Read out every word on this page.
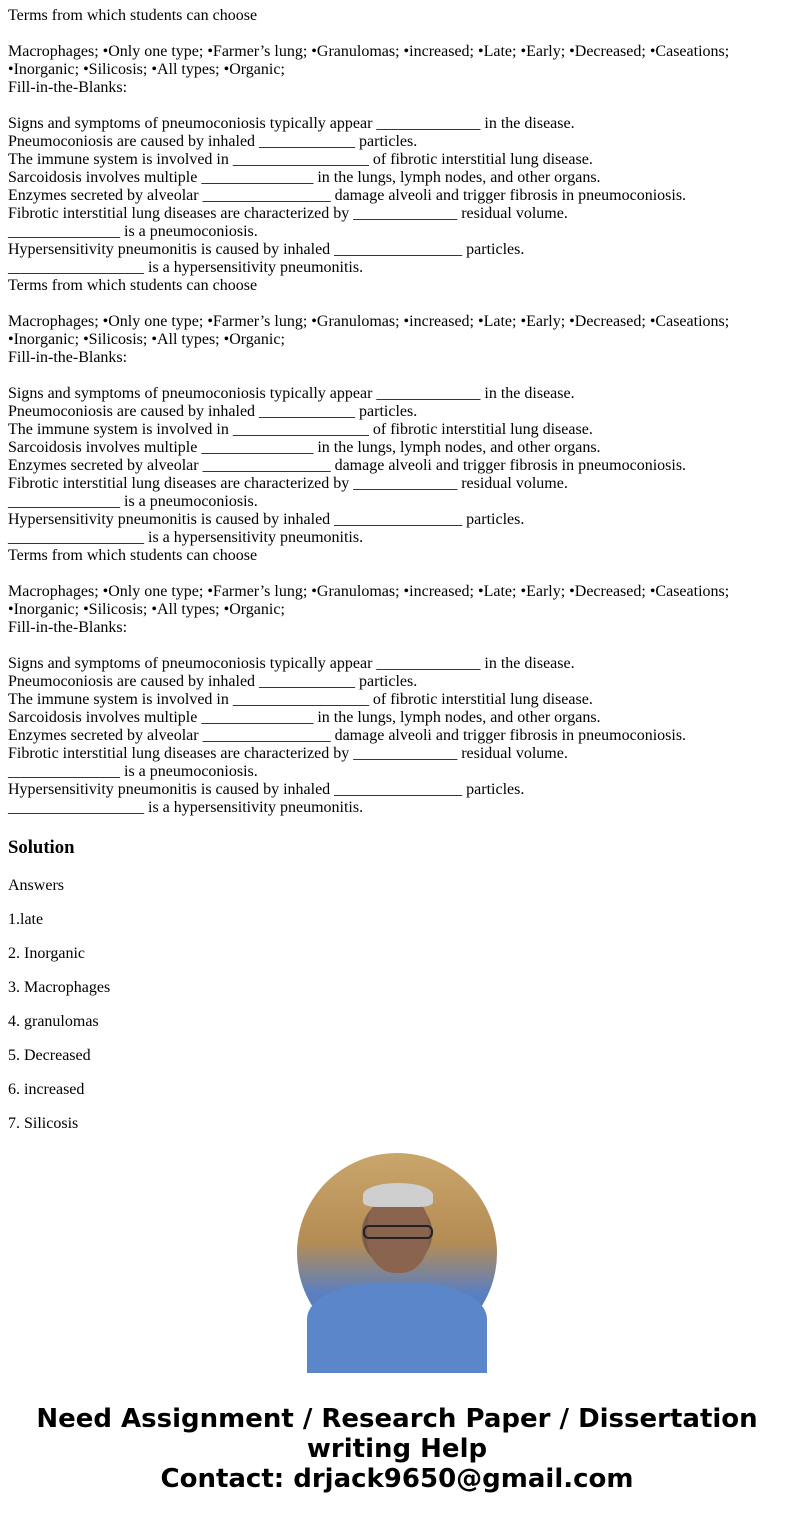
Terms from which students can choose

Macrophages; •Only one type; •Farmer’s lung; •Granulomas; •increased; •Late; •Early; •Decreased; •Caseations;

•Inorganic; •Silicosis; •All types; •Organic;

Fill-in-the-Blanks:

Signs and symptoms of pneumoconiosis typically appear _____________ in the disease.

Pneumoconiosis are caused by inhaled ____________ particles.

The immune system is involved in _________________ of fibrotic interstitial lung disease.

Sarcoidosis involves multiple ______________ in the lungs, lymph nodes, and other organs.

Enzymes secreted by alveolar ________________ damage alveoli and trigger fibrosis in pneumoconiosis.

Fibrotic interstitial lung diseases are characterized by _____________ residual volume.

______________ is a pneumoconiosis.

Hypersensitivity pneumonitis is caused by inhaled ________________ particles.

_________________ is a hypersensitivity pneumonitis.

Terms from which students can choose

Macrophages; •Only one type; •Farmer’s lung; •Granulomas; •increased; •Late; •Early; •Decreased; •Caseations;

•Inorganic; •Silicosis; •All types; •Organic;

Fill-in-the-Blanks:

Signs and symptoms of pneumoconiosis typically appear _____________ in the disease.

Pneumoconiosis are caused by inhaled ____________ particles.

The immune system is involved in _________________ of fibrotic interstitial lung disease.

Sarcoidosis involves multiple ______________ in the lungs, lymph nodes, and other organs.

Enzymes secreted by alveolar ________________ damage alveoli and trigger fibrosis in pneumoconiosis.

Fibrotic interstitial lung diseases are characterized by _____________ residual volume.

______________ is a pneumoconiosis.

Hypersensitivity pneumonitis is caused by inhaled ________________ particles.

_________________ is a hypersensitivity pneumonitis.

Terms from which students can choose

Macrophages; •Only one type; •Farmer’s lung; •Granulomas; •increased; •Late; •Early; •Decreased; •Caseations;

•Inorganic; •Silicosis; •All types; •Organic;

Fill-in-the-Blanks:

Signs and symptoms of pneumoconiosis typically appear _____________ in the disease.

Pneumoconiosis are caused by inhaled ____________ particles.

The immune system is involved in _________________ of fibrotic interstitial lung disease.

Sarcoidosis involves multiple ______________ in the lungs, lymph nodes, and other organs.

Enzymes secreted by alveolar ________________ damage alveoli and trigger fibrosis in pneumoconiosis.

Fibrotic interstitial lung diseases are characterized by _____________ residual volume.

______________ is a pneumoconiosis.

Hypersensitivity pneumonitis is caused by inhaled ________________ particles.

_________________ is a hypersensitivity pneumonitis.

Solution

Answers

1.late

2. Inorganic

3. Macrophages

4. granulomas

5. Decreased

6. increased

7. Silicosis

Need Assignment / Research Paper / Dissertation
writing Help
Contact: drjack9650@gmail.com
